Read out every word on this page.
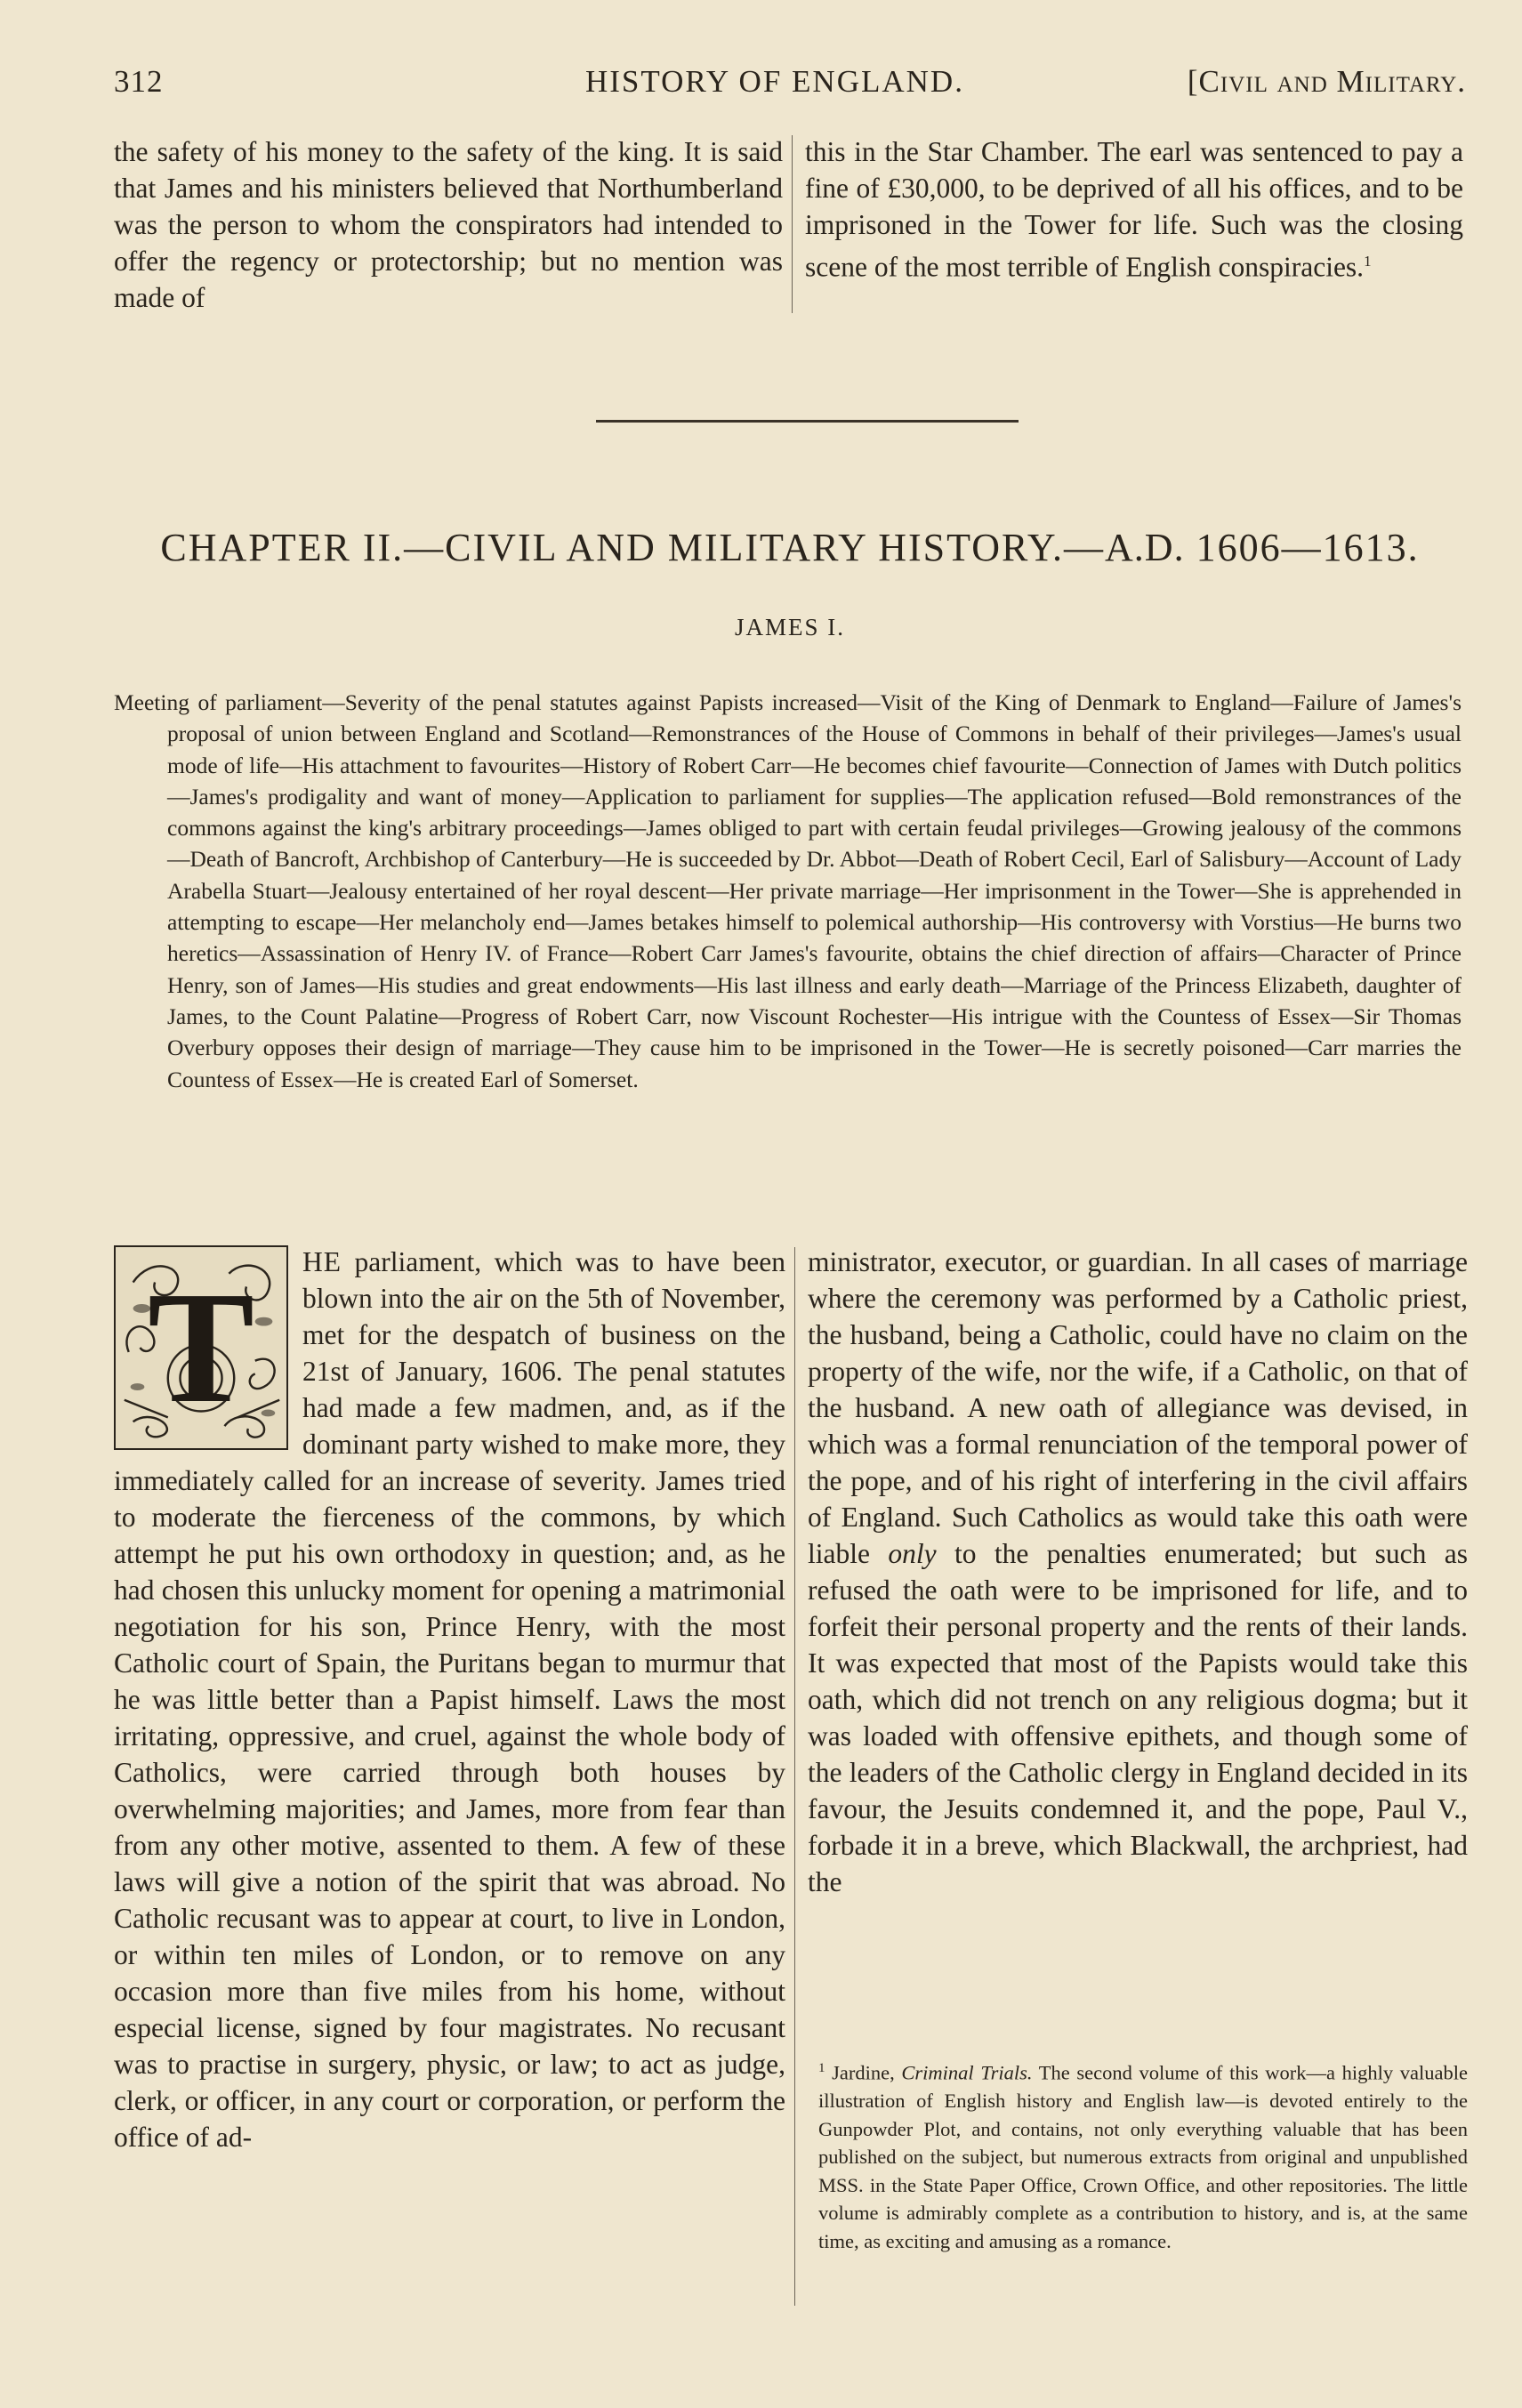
312	HISTORY OF ENGLAND.	[Civil and Military.

the safety of his money to the safety of the king. It is said that James and his ministers believed that Northumberland was the person to whom the conspirators had intended to offer the regency or protectorship; but no mention was made of

this in the Star Chamber. The earl was sentenced to pay a fine of £30,000, to be deprived of all his offices, and to be imprisoned in the Tower for life. Such was the closing scene of the most terrible of English conspiracies.$^1$

CHAPTER II.—CIVIL AND MILITARY HISTORY.—A.D. 1606—1613.
JAMES I.
Meeting of parliament—Severity of the penal statutes against Papists increased—Visit of the King of Denmark to England—Failure of James's proposal of union between England and Scotland—Remonstrances of the House of Commons in behalf of their privileges—James's usual mode of life—His attachment to favourites—History of Robert Carr—He becomes chief favourite—Connection of James with Dutch politics—James's prodigality and want of money—Application to parliament for supplies—The application refused—Bold remonstrances of the commons against the king's arbitrary proceedings—James obliged to part with certain feudal privileges—Growing jealousy of the commons—Death of Bancroft, Archbishop of Canterbury—He is succeeded by Dr. Abbot—Death of Robert Cecil, Earl of Salisbury—Account of Lady Arabella Stuart—Jealousy entertained of her royal descent—Her private marriage—Her imprisonment in the Tower—She is apprehended in attempting to escape—Her melancholy end—James betakes himself to polemical authorship—His controversy with Vorstius—He burns two heretics—Assassination of Henry IV. of France—Robert Carr James's favourite, obtains the chief direction of affairs—Character of Prince Henry, son of James—His studies and great endowments—His last illness and early death—Marriage of the Princess Elizabeth, daughter of James, to the Count Palatine—Progress of Robert Carr, now Viscount Rochester—His intrigue with the Countess of Essex—Sir Thomas Overbury opposes their design of marriage—They cause him to be imprisoned in the Tower—He is secretly poisoned—Carr marries the Countess of Essex—He is created Earl of Somerset.
T	HE parliament, which was to have been blown into the air on the 5th of November, met for the despatch of business on the 21st of January, 1606. The penal statutes had made a few madmen, and, as if the dominant party wished to make more, they immediately called for an increase of severity. James tried to moderate the fierceness of the commons, by which attempt he put his own orthodoxy in question; and, as he had chosen this unlucky moment for opening a matrimonial negotiation for his son, Prince Henry, with the most Catholic court of Spain, the Puritans began to murmur that he was little better than a Papist himself. Laws the most irritating, oppressive, and cruel, against the whole body of Catholics, were carried through both houses by overwhelming majorities; and James, more from fear than from any other motive, assented to them. A few of these laws will give a notion of the spirit that was abroad. No Catholic recusant was to appear at court, to live in London, or within ten miles of London, or to remove on any occasion more than five miles from his home, without especial license, signed by four magistrates. No recusant was to practise in surgery, physic, or law; to act as judge, clerk, or officer, in any court or corporation, or perform the office of ad-

ministrator, executor, or guardian. In all cases of marriage where the ceremony was performed by a Catholic priest, the husband, being a Catholic, could have no claim on the property of the wife, nor the wife, if a Catholic, on that of the husband. A new oath of allegiance was devised, in which was a formal renunciation of the temporal power of the pope, and of his right of interfering in the civil affairs of England. Such Catholics as would take this oath were liable only to the penalties enumerated; but such as refused the oath were to be imprisoned for life, and to forfeit their personal property and the rents of their lands. It was expected that most of the Papists would take this oath, which did not trench on any religious dogma; but it was loaded with offensive epithets, and though some of the leaders of the Catholic clergy in England decided in its favour, the Jesuits condemned it, and the pope, Paul V., forbade it in a breve, which Blackwall, the archpriest, had the

$^1$ Jardine, Criminal Trials. The second volume of this work—a highly valuable illustration of English history and English law—is devoted entirely to the Gunpowder Plot, and contains, not only everything valuable that has been published on the subject, but numerous extracts from original and unpublished MSS. in the State Paper Office, Crown Office, and other repositories. The little volume is admirably complete as a contribution to history, and is, at the same time, as exciting and amusing as a romance.
